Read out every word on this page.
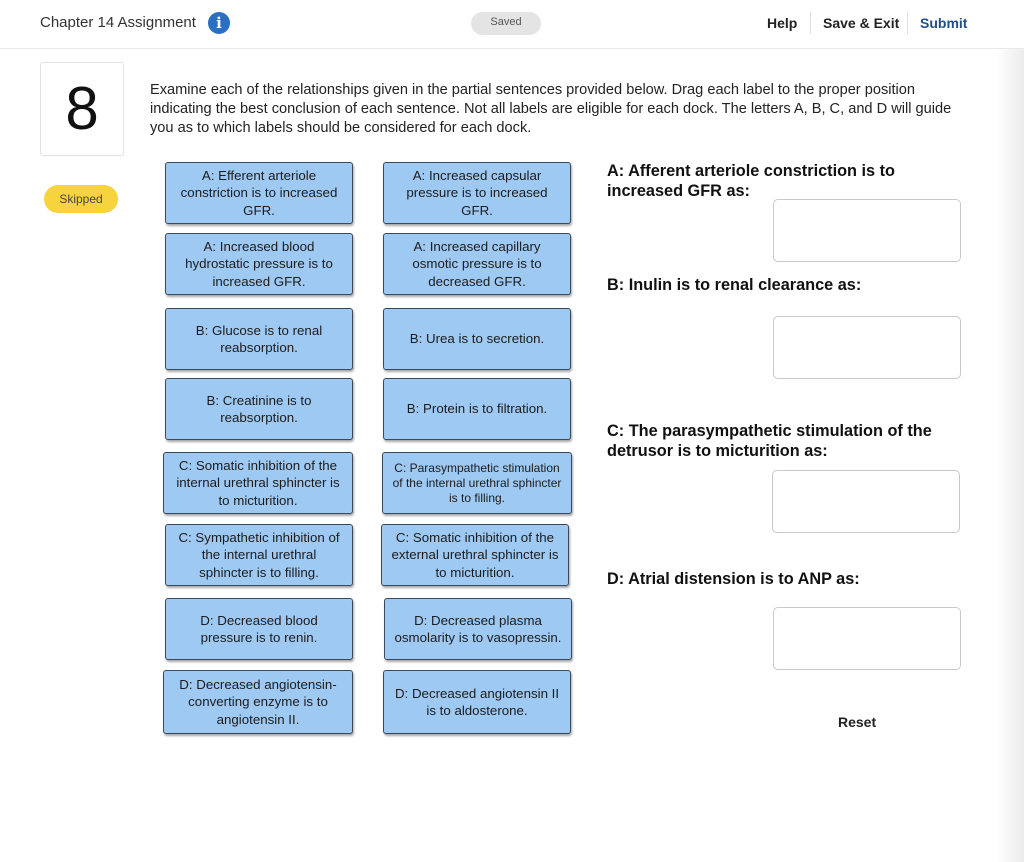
Chapter 14 Assignment	i	Saved	Help Save & Exit Submit
8
Skipped
Examine each of the relationships given in the partial sentences provided below. Drag each label to the proper position indicating the best conclusion of each sentence. Not all labels are eligible for each dock. The letters A, B, C, and D will guide you as to which labels should be considered for each dock.
A: Efferent arteriole constriction is to increased GFR.
A: Increased blood hydrostatic pressure is to increased GFR.
B: Glucose is to renal reabsorption.
B: Creatinine is to reabsorption.
C: Somatic inhibition of the internal urethral sphincter is to micturition.
C: Sympathetic inhibition of the internal urethral sphincter is to filling.
D: Decreased blood pressure is to renin.
D: Decreased angiotensin-converting enzyme is to angiotensin II.
A: Increased capsular pressure is to increased GFR.
A: Increased capillary osmotic pressure is to decreased GFR.
B: Urea is to secretion.
B: Protein is to filtration.
C: Parasympathetic stimulation of the internal urethral sphincter is to filling.
C: Somatic inhibition of the external urethral sphincter is to micturition.
D: Decreased plasma osmolarity is to vasopressin.
D: Decreased angiotensin II is to aldosterone.
A: Afferent arteriole constriction is to increased GFR as:
B: Inulin is to renal clearance as:
C: The parasympathetic stimulation of the detrusor is to micturition as:
D: Atrial distension is to ANP as:
Reset
